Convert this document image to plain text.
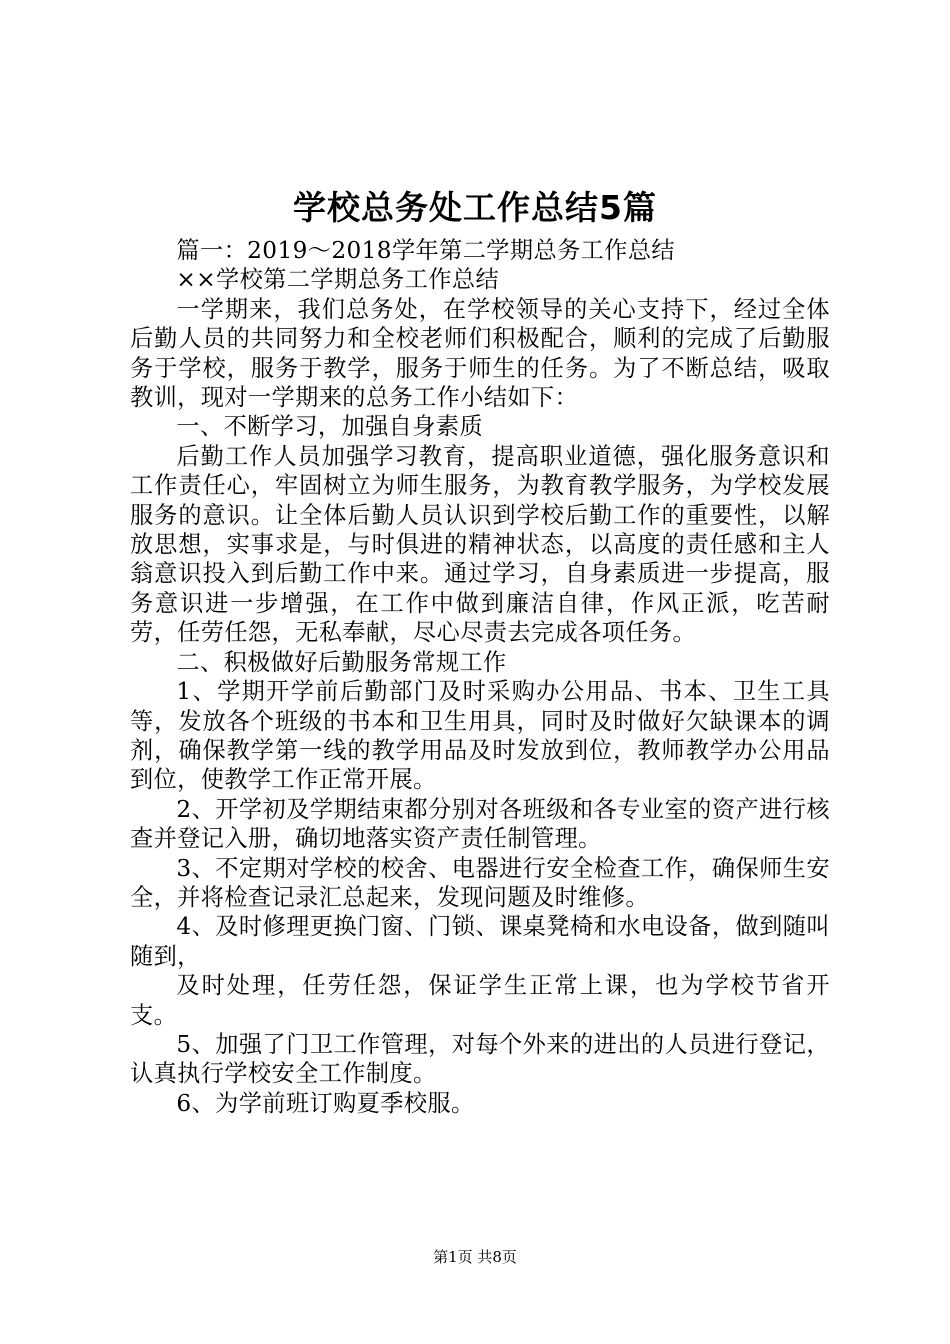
学校总务处工作总结5篇

篇一：2019～2018学年第二学期总务工作总结

××学校第二学期总务工作总结

一学期来，我们总务处，在学校领导的关心支持下，经过全体后勤人员的共同努力和全校老师们积极配合，顺利的完成了后勤服务于学校，服务于教学，服务于师生的任务。为了不断总结，吸取教训，现对一学期来的总务工作小结如下：

一、不断学习，加强自身素质

后勤工作人员加强学习教育，提高职业道德，强化服务意识和工作责任心，牢固树立为师生服务，为教育教学服务，为学校发展服务的意识。让全体后勤人员认识到学校后勤工作的重要性，以解放思想，实事求是，与时俱进的精神状态，以高度的责任感和主人翁意识投入到后勤工作中来。通过学习，自身素质进一步提高，服务意识进一步增强，在工作中做到廉洁自律，作风正派，吃苦耐劳，任劳任怨，无私奉献，尽心尽责去完成各项任务。

二、积极做好后勤服务常规工作

1、学期开学前后勤部门及时采购办公用品、书本、卫生工具等，发放各个班级的书本和卫生用具，同时及时做好欠缺课本的调剂，确保教学第一线的教学用品及时发放到位，教师教学办公用品到位，使教学工作正常开展。

2、开学初及学期结束都分别对各班级和各专业室的资产进行核查并登记入册，确切地落实资产责任制管理。

3、不定期对学校的校舍、电器进行安全检查工作，确保师生安全，并将检查记录汇总起来，发现问题及时维修。

4、及时修理更换门窗、门锁、课桌凳椅和水电设备，做到随叫随到，

及时处理，任劳任怨，保证学生正常上课，也为学校节省开支。

5、加强了门卫工作管理，对每个外来的进出的人员进行登记，认真执行学校安全工作制度。

6、为学前班订购夏季校服。

第1页 共8页
